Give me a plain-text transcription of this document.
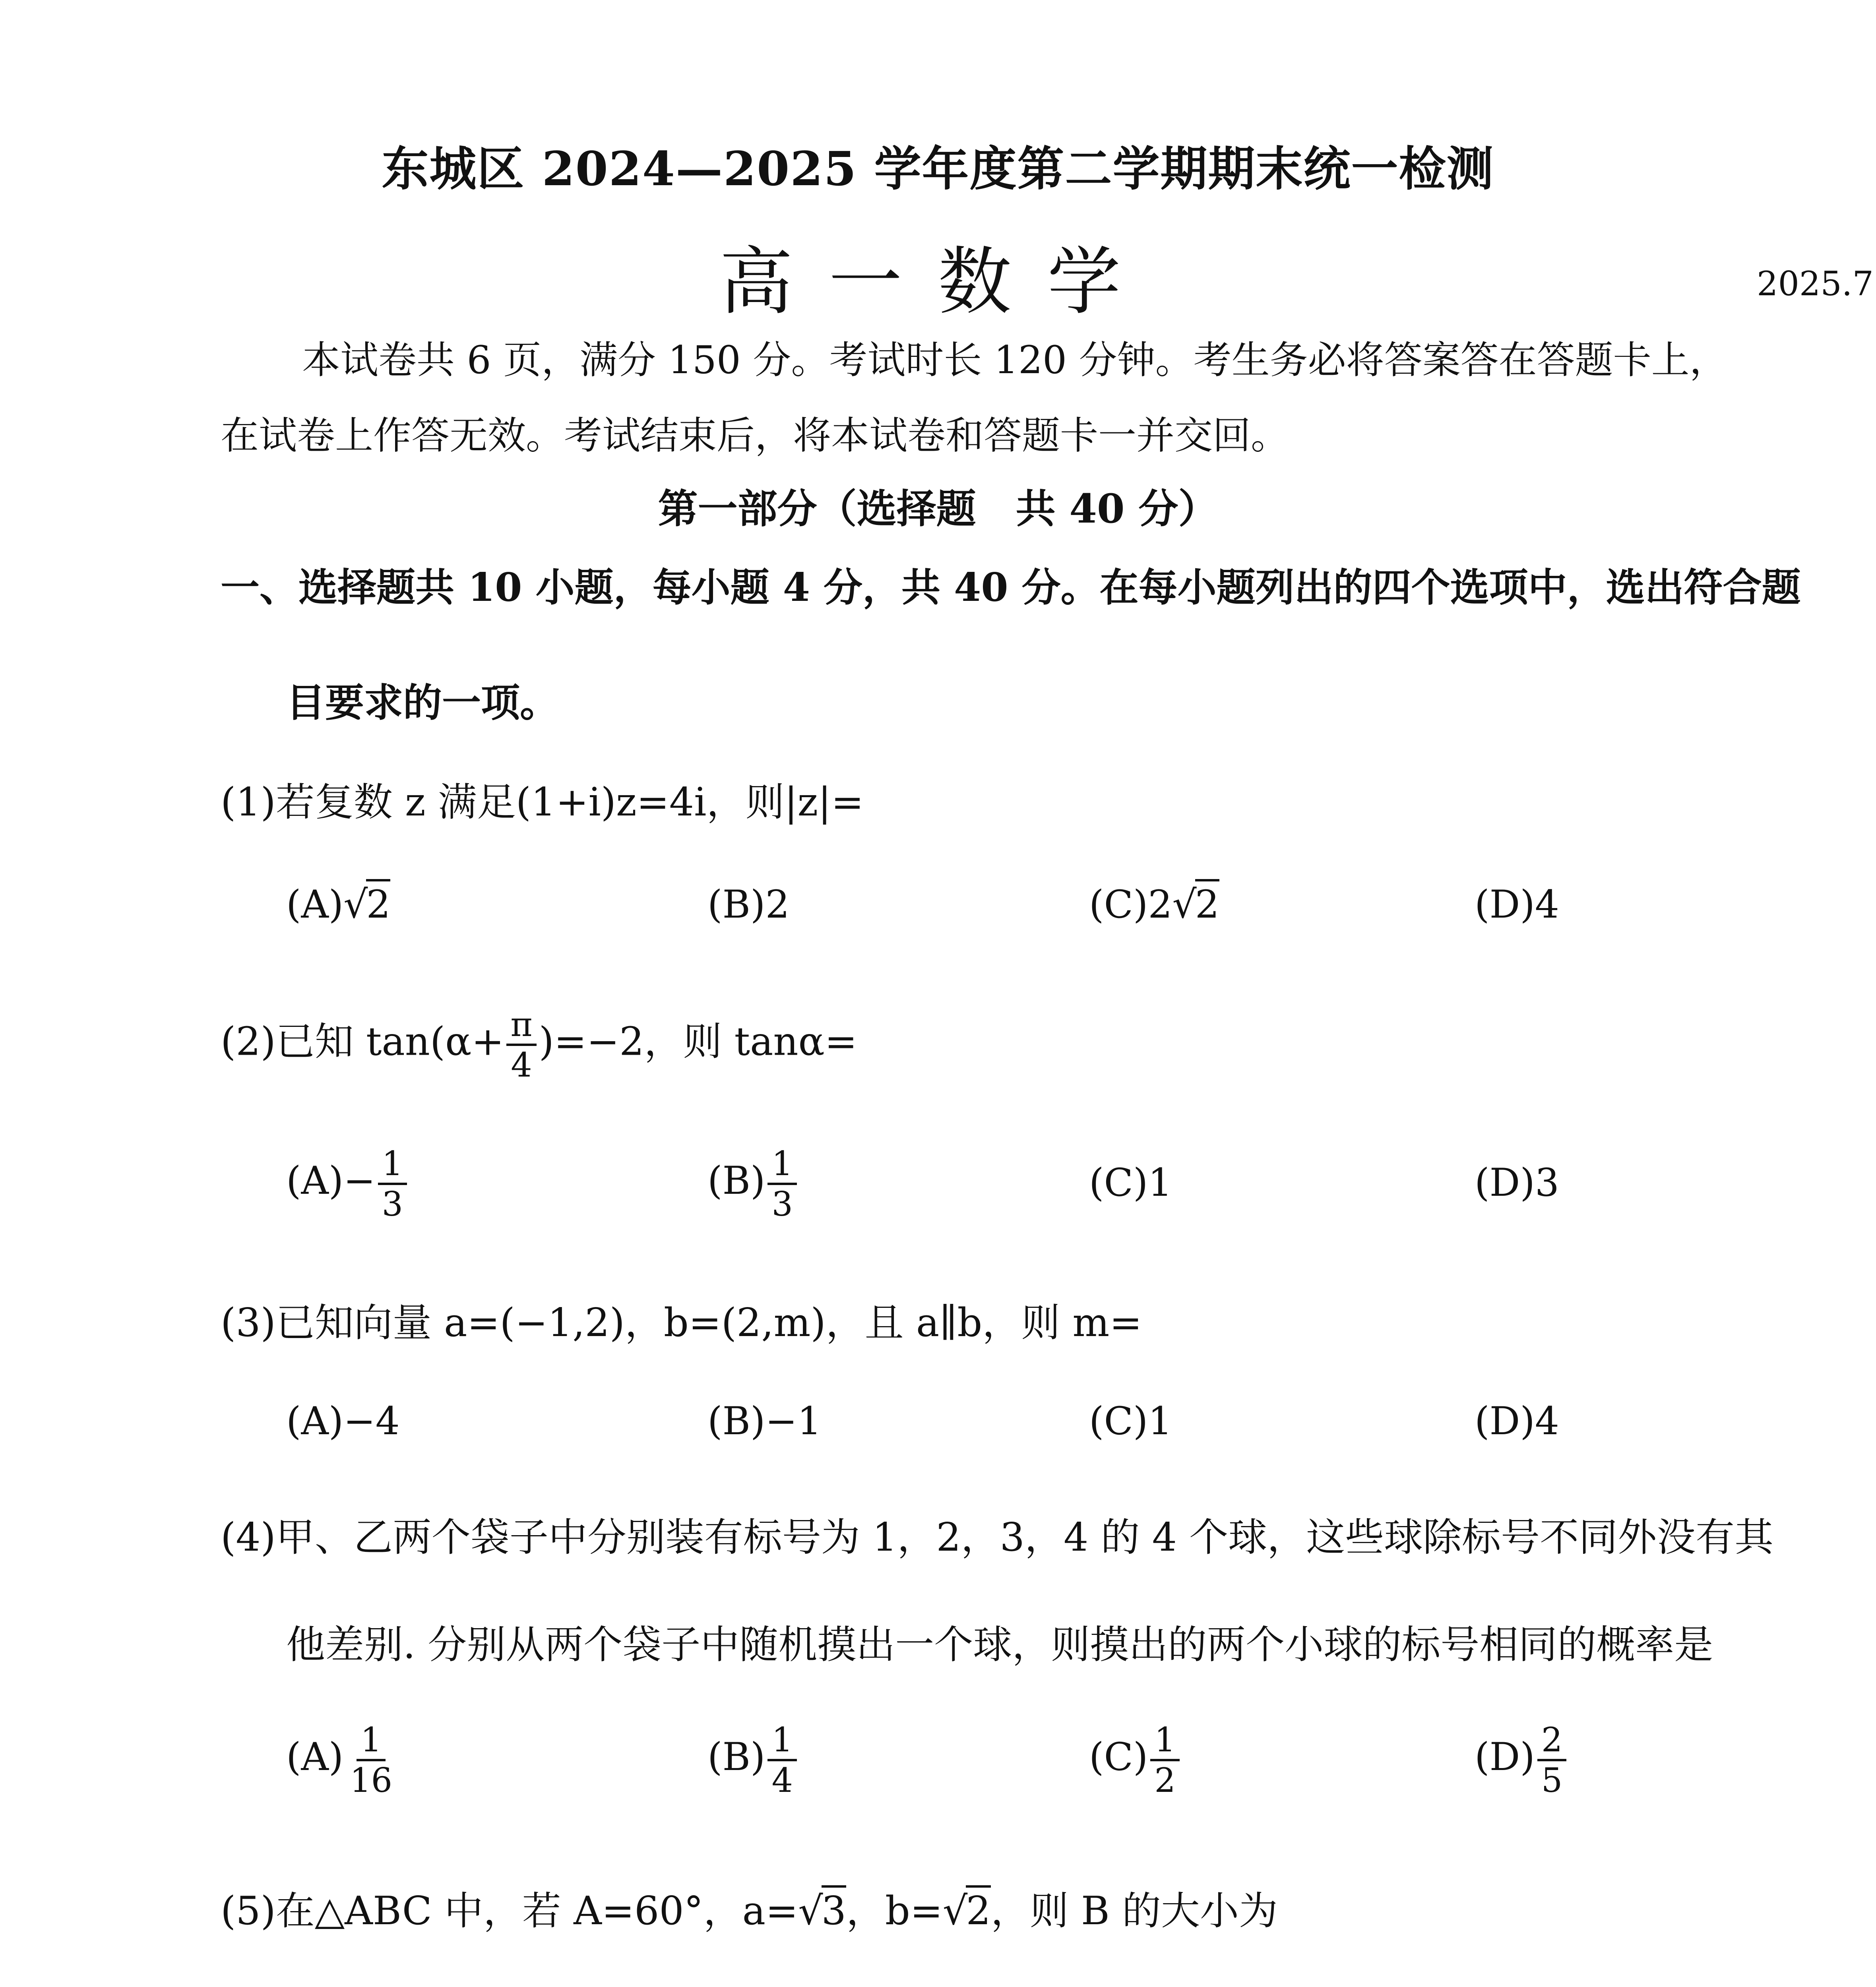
东城区 2024—2025 学年度第二学期期末统一检测
高一数学	2025.7
本试卷共 6 页，满分 150 分。考试时长 120 分钟。考生务必将答案答在答题卡上，
在试卷上作答无效。考试结束后，将本试卷和答题卡一并交回。
第一部分（选择题　共 40 分）
一、选择题共 10 小题，每小题 4 分，共 40 分。在每小题列出的四个选项中，选出符合题
目要求的一项。
(1)若复数 z 满足(1+i)z=4i，则|z|=
(A)√2	(B)2	(C)2√2	(D)4
(2)已知 $\tan(\alpha+ \frac{\pi}{4} )=-2$，则 tanα=
$(A)- \frac{1}{3}$	$(B) \frac{1}{3}$	(C)1	(D)3
(3)已知向量 a=(−1,2)，b=(2,m)，且 a∥b，则 m=
(A)−4	(B)−1	(C)1	(D)4
(4)甲、乙两个袋子中分别装有标号为 1，2，3，4 的 4 个球，这些球除标号不同外没有其
他差别. 分别从两个袋子中随机摸出一个球，则摸出的两个小球的标号相同的概率是
$(A) \frac{1}{16}$	$(B) \frac{1}{4}$	$(C) \frac{1}{2}$	$(D) \frac{2}{5}$
(5)在△ABC 中，若 A=60°，a=√3，b=√2，则 B 的大小为
